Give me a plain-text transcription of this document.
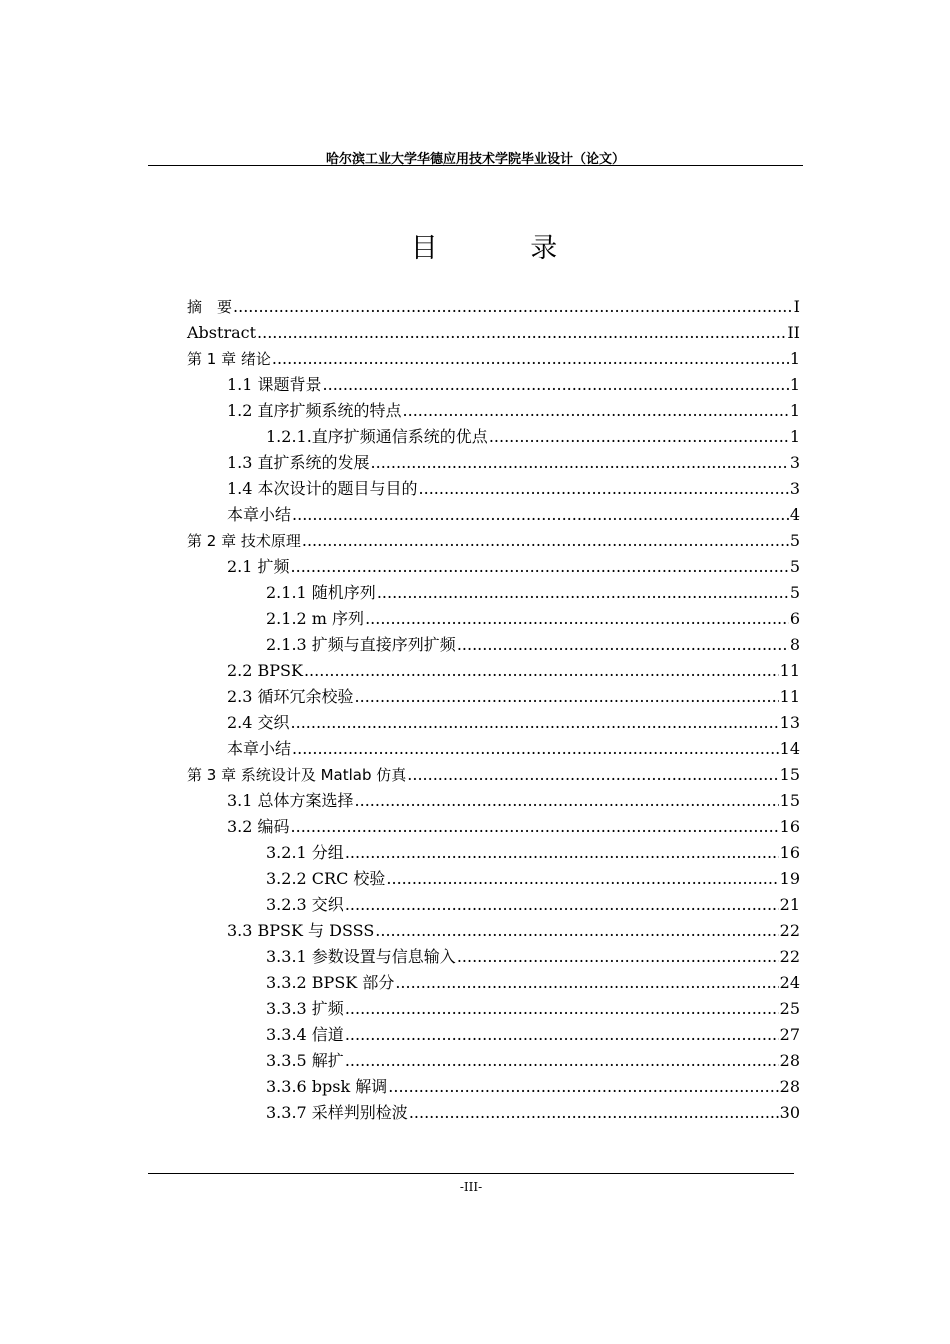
哈尔滨工业大学华德应用技术学院毕业设计（论文）
目 录
摘　要 .....	I
Abstract .....	II
第 1 章 绪论 .....	1
1.1 课题背景 .....	1
1.2 直序扩频系统的特点 .....	1
1.2.1.直序扩频通信系统的优点 .....	1
1.3 直扩系统的发展 .....	3
1.4 本次设计的题目与目的 .....	3
本章小结 .....	4
第 2 章 技术原理 .....	5
2.1 扩频 .....	5
2.1.1 随机序列 .....	5
2.1.2 m 序列 .....	6
2.1.3 扩频与直接序列扩频 .....	8
2.2 BPSK .....	11
2.3 循环冗余校验 .....	11
2.4 交织 .....	13
本章小结 .....	14
第 3 章 系统设计及 Matlab 仿真 .....	15
3.1 总体方案选择 .....	15
3.2 编码 .....	16
3.2.1 分组 .....	16
3.2.2 CRC 校验 .....	19
3.2.3 交织 .....	21
3.3 BPSK 与 DSSS .....	22
3.3.1 参数设置与信息输入 .....	22
3.3.2 BPSK 部分 .....	24
3.3.3 扩频 .....	25
3.3.4 信道 .....	27
3.3.5 解扩 .....	28
3.3.6 bpsk 解调 .....	28
3.3.7 采样判别检波 .....	30
-III-
